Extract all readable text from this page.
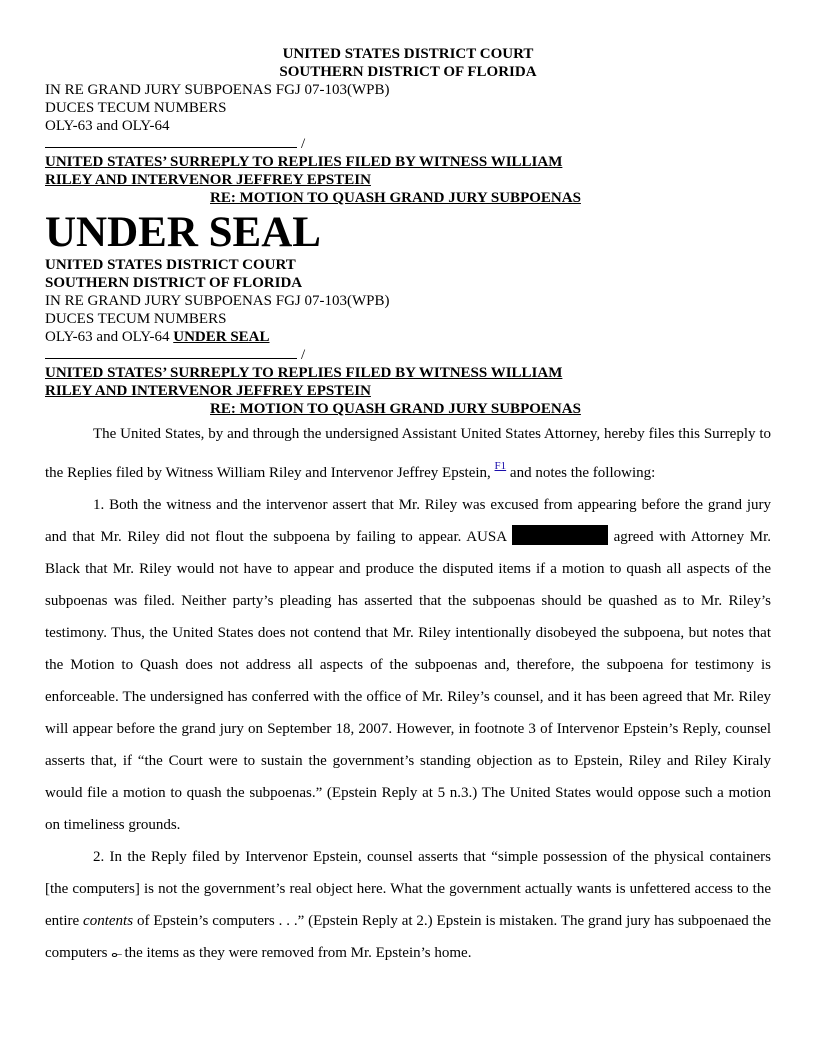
UNITED STATES DISTRICT COURT
SOUTHERN DISTRICT OF FLORIDA
IN RE GRAND JURY SUBPOENAS FGJ 07-103(WPB)
DUCES TECUM NUMBERS
OLY-63 and OLY-64
/
UNITED STATES’ SURREPLY TO REPLIES FILED BY WITNESS WILLIAM
RILEY AND INTERVENOR JEFFREY EPSTEIN
RE: MOTION TO QUASH GRAND JURY SUBPOENAS
UNDER SEAL
UNITED STATES DISTRICT COURT
SOUTHERN DISTRICT OF FLORIDA
IN RE GRAND JURY SUBPOENAS FGJ 07-103(WPB)
DUCES TECUM NUMBERS
OLY-63 and OLY-64 UNDER SEAL
/
UNITED STATES’ SURREPLY TO REPLIES FILED BY WITNESS WILLIAM
RILEY AND INTERVENOR JEFFREY EPSTEIN
RE: MOTION TO QUASH GRAND JURY SUBPOENAS

The United States, by and through the undersigned Assistant United States Attorney, hereby files this Surreply to the Replies filed by Witness William Riley and Intervenor Jeffrey Epstein, $^{F1}$ and notes the following:

1. Both the witness and the intervenor assert that Mr. Riley was excused from appearing before the grand jury and that Mr. Riley did not flout the subpoena by failing to appear. AUSA	agreed with Attorney Mr. Black that Mr. Riley would not have to appear and produce the disputed items if a motion to quash all aspects of the subpoenas was filed. Neither party’s pleading has asserted that the subpoenas should be quashed as to Mr. Riley’s testimony. Thus, the United States does not contend that Mr. Riley intentionally disobeyed the subpoena, but notes that the Motion to Quash does not address all aspects of the subpoenas and, therefore, the subpoena for testimony is enforceable. The undersigned has conferred with the office of Mr. Riley’s counsel, and it has been agreed that Mr. Riley will appear before the grand jury on September 18, 2007. However, in footnote 3 of Intervenor Epstein’s Reply, counsel asserts that, if “the Court were to sustain the government’s standing objection as to Epstein, Riley and Riley Kiraly would file a motion to quash the subpoenas.” (Epstein Reply at 5 n.3.) The United States would oppose such a motion on timeliness grounds.

2. In the Reply filed by Intervenor Epstein, counsel asserts that “simple possession of the physical containers [the computers] is not the government’s real object here. What the government actually wants is unfettered access to the entire contents of Epstein’s computers . . .” (Epstein Reply at 2.) Epstein is mistaken. The grand jury has subpoenaed the computers ⴰ– the items as they were removed from Mr. Epstein’s home.
